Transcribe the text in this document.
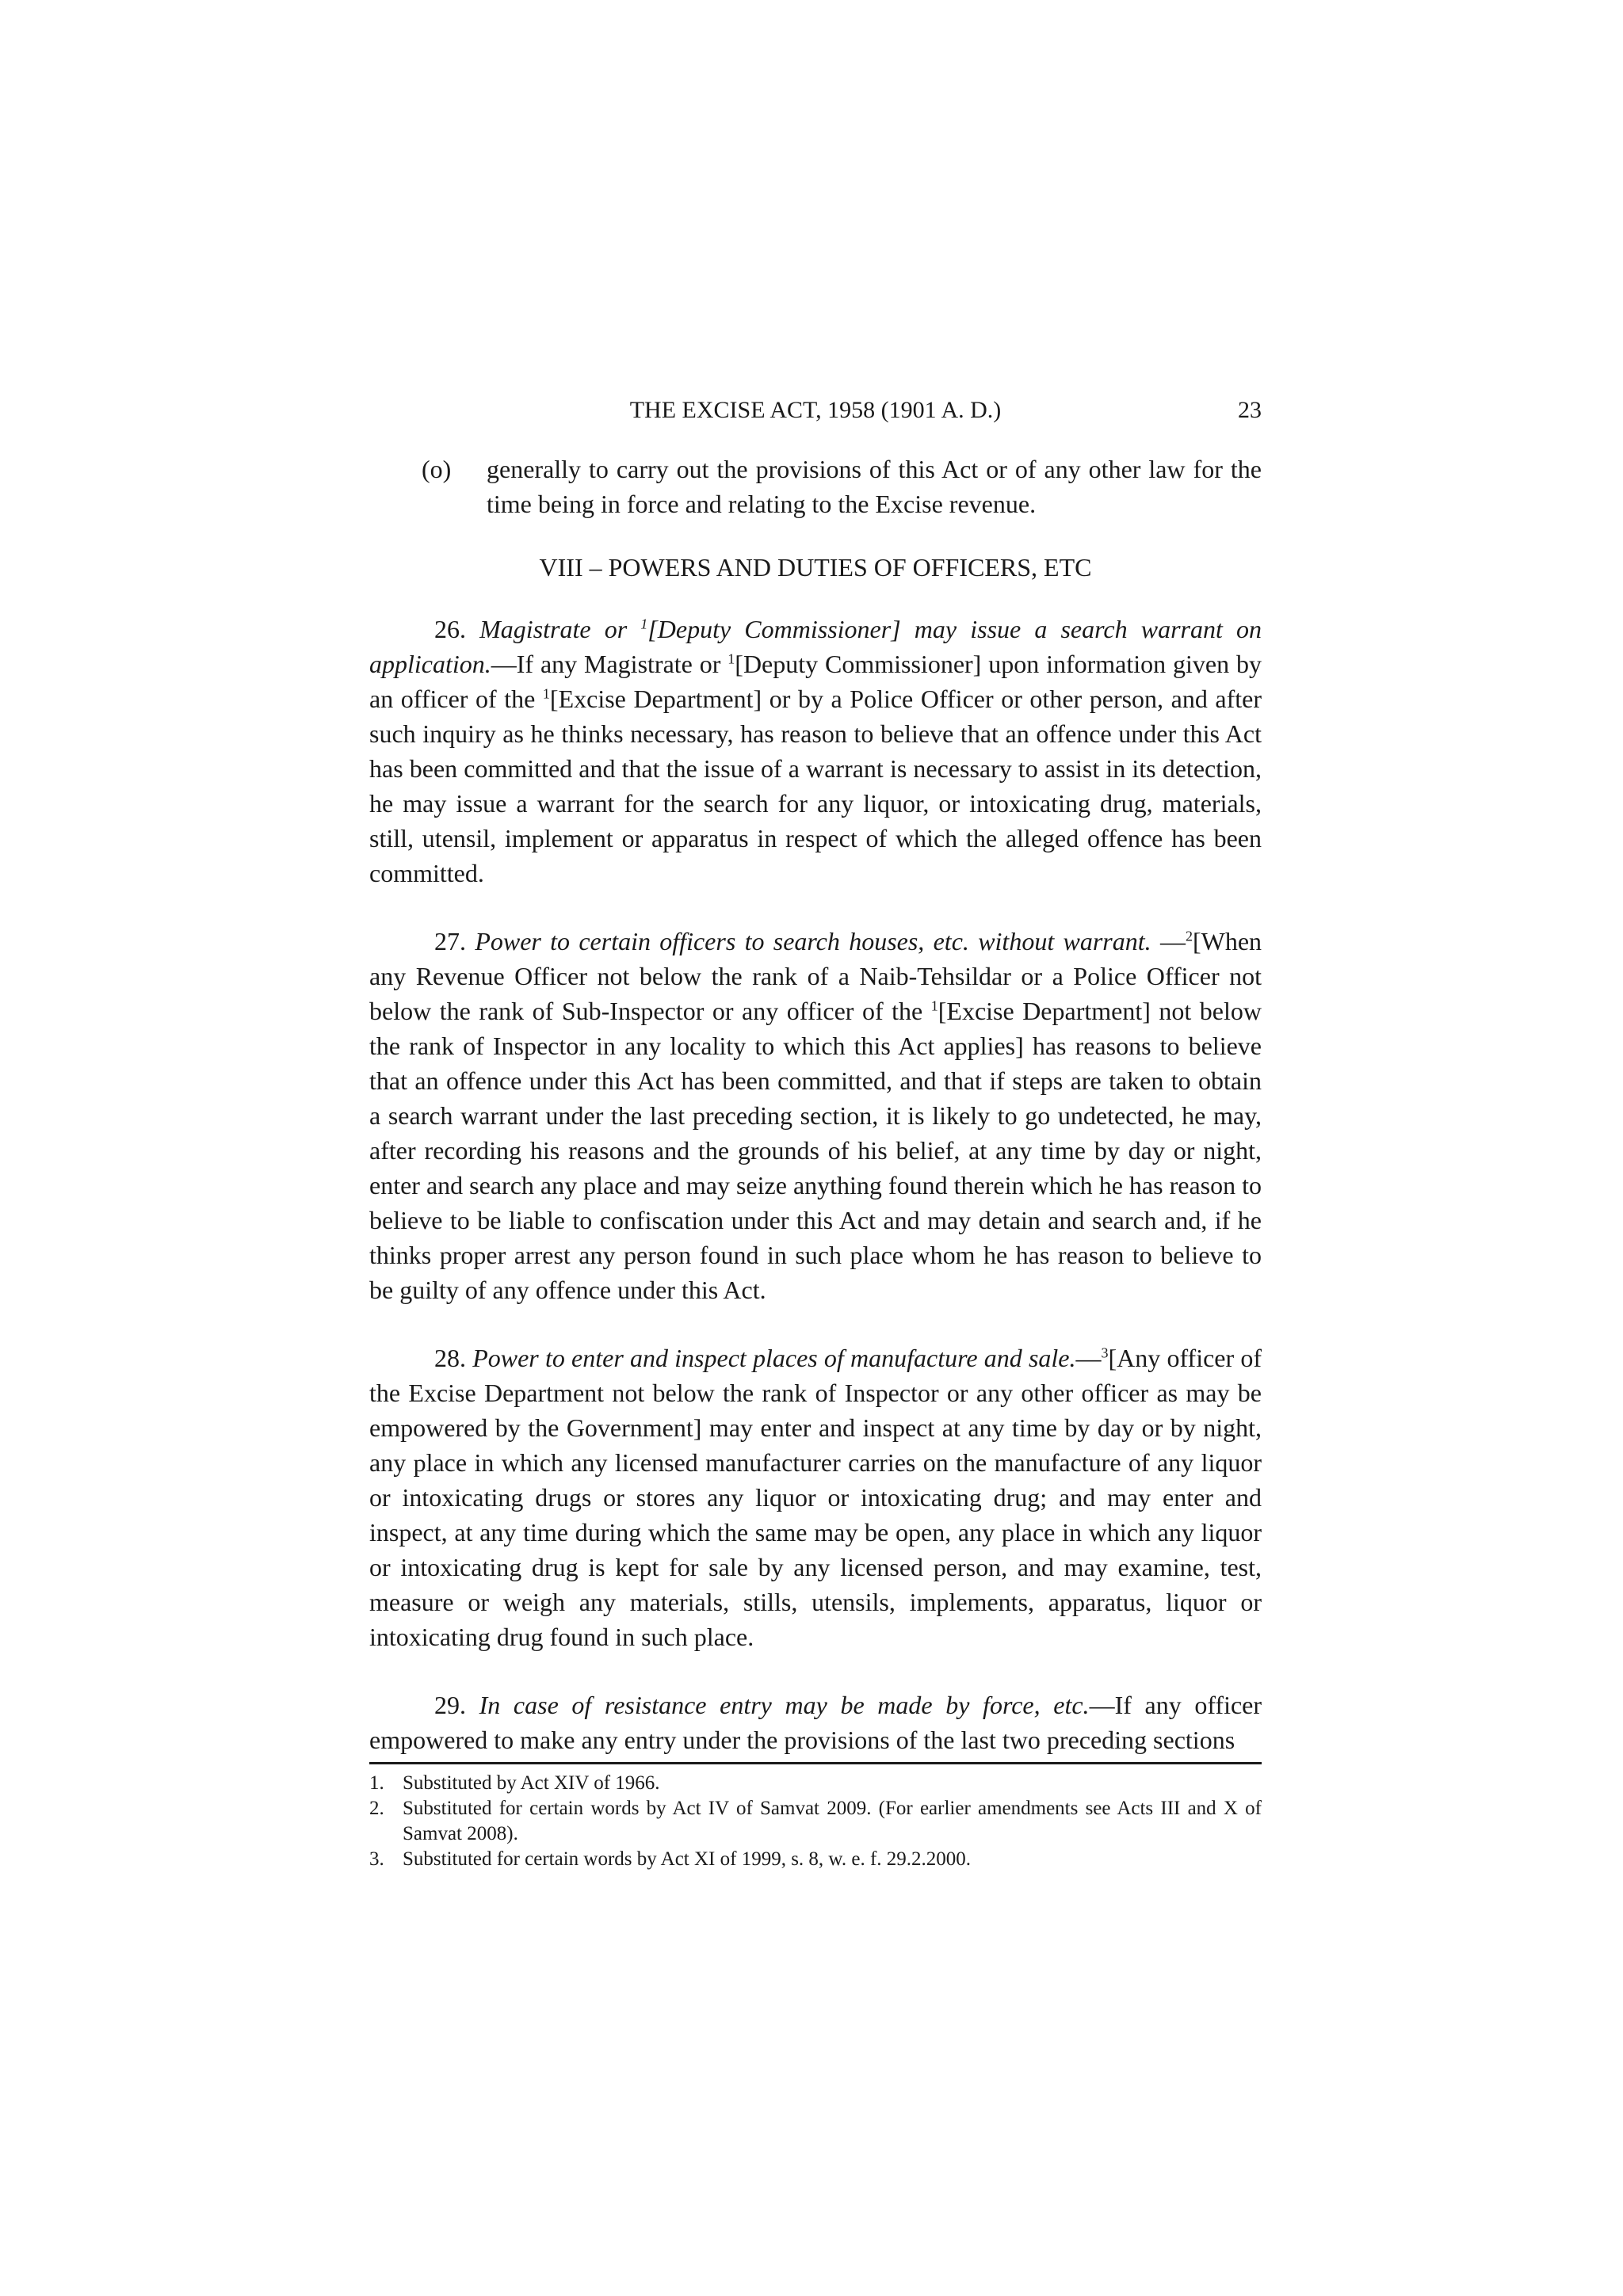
THE EXCISE ACT, 1958 (1901 A. D.)	23
(o)	generally to carry out the provisions of this Act or of any other law for the time being in force and relating to the Excise revenue.
VIII – POWERS AND DUTIES OF OFFICERS, ETC

26. Magistrate or $^1$[Deputy Commissioner] may issue a search warrant on application.—If any Magistrate or $^1$[Deputy Commissioner] upon information given by an officer of the $^1$[Excise Department] or by a Police Officer or other person, and after such inquiry as he thinks necessary, has reason to believe that an offence under this Act has been committed and that the issue of a warrant is necessary to assist in its detection, he may issue a warrant for the search for any liquor, or intoxicating drug, materials, still, utensil, implement or apparatus in respect of which the alleged offence has been committed.

27. Power to certain officers to search houses, etc. without warrant. —$^2$[When any Revenue Officer not below the rank of a Naib-Tehsildar or a Police Officer not below the rank of Sub-Inspector or any officer of the $^1$[Excise Department] not below the rank of Inspector in any locality to which this Act applies] has reasons to believe that an offence under this Act has been committed, and that if steps are taken to obtain a search warrant under the last preceding section, it is likely to go undetected, he may, after recording his reasons and the grounds of his belief, at any time by day or night, enter and search any place and may seize anything found therein which he has reason to believe to be liable to confiscation under this Act and may detain and search and, if he thinks proper arrest any person found in such place whom he has reason to believe to be guilty of any offence under this Act.

28. Power to enter and inspect places of manufacture and sale.—$^3$[Any officer of the Excise Department not below the rank of Inspector or any other officer as may be empowered by the Government] may enter and inspect at any time by day or by night, any place in which any licensed manufacturer carries on the manufacture of any liquor or intoxicating drugs or stores any liquor or intoxicating drug; and may enter and inspect, at any time during which the same may be open, any place in which any liquor or intoxicating drug is kept for sale by any licensed person, and may examine, test, measure or weigh any materials, stills, utensils, implements, apparatus, liquor or intoxicating drug found in such place.

29. In case of resistance entry may be made by force, etc.—If any officer empowered to make any entry under the provisions of the last two preceding sections

1. Substituted by Act XIV of 1966.
2. Substituted for certain words by Act IV of Samvat 2009. (For earlier amendments see Acts III and X of Samvat 2008).
3. Substituted for certain words by Act XI of 1999, s. 8, w. e. f. 29.2.2000.
